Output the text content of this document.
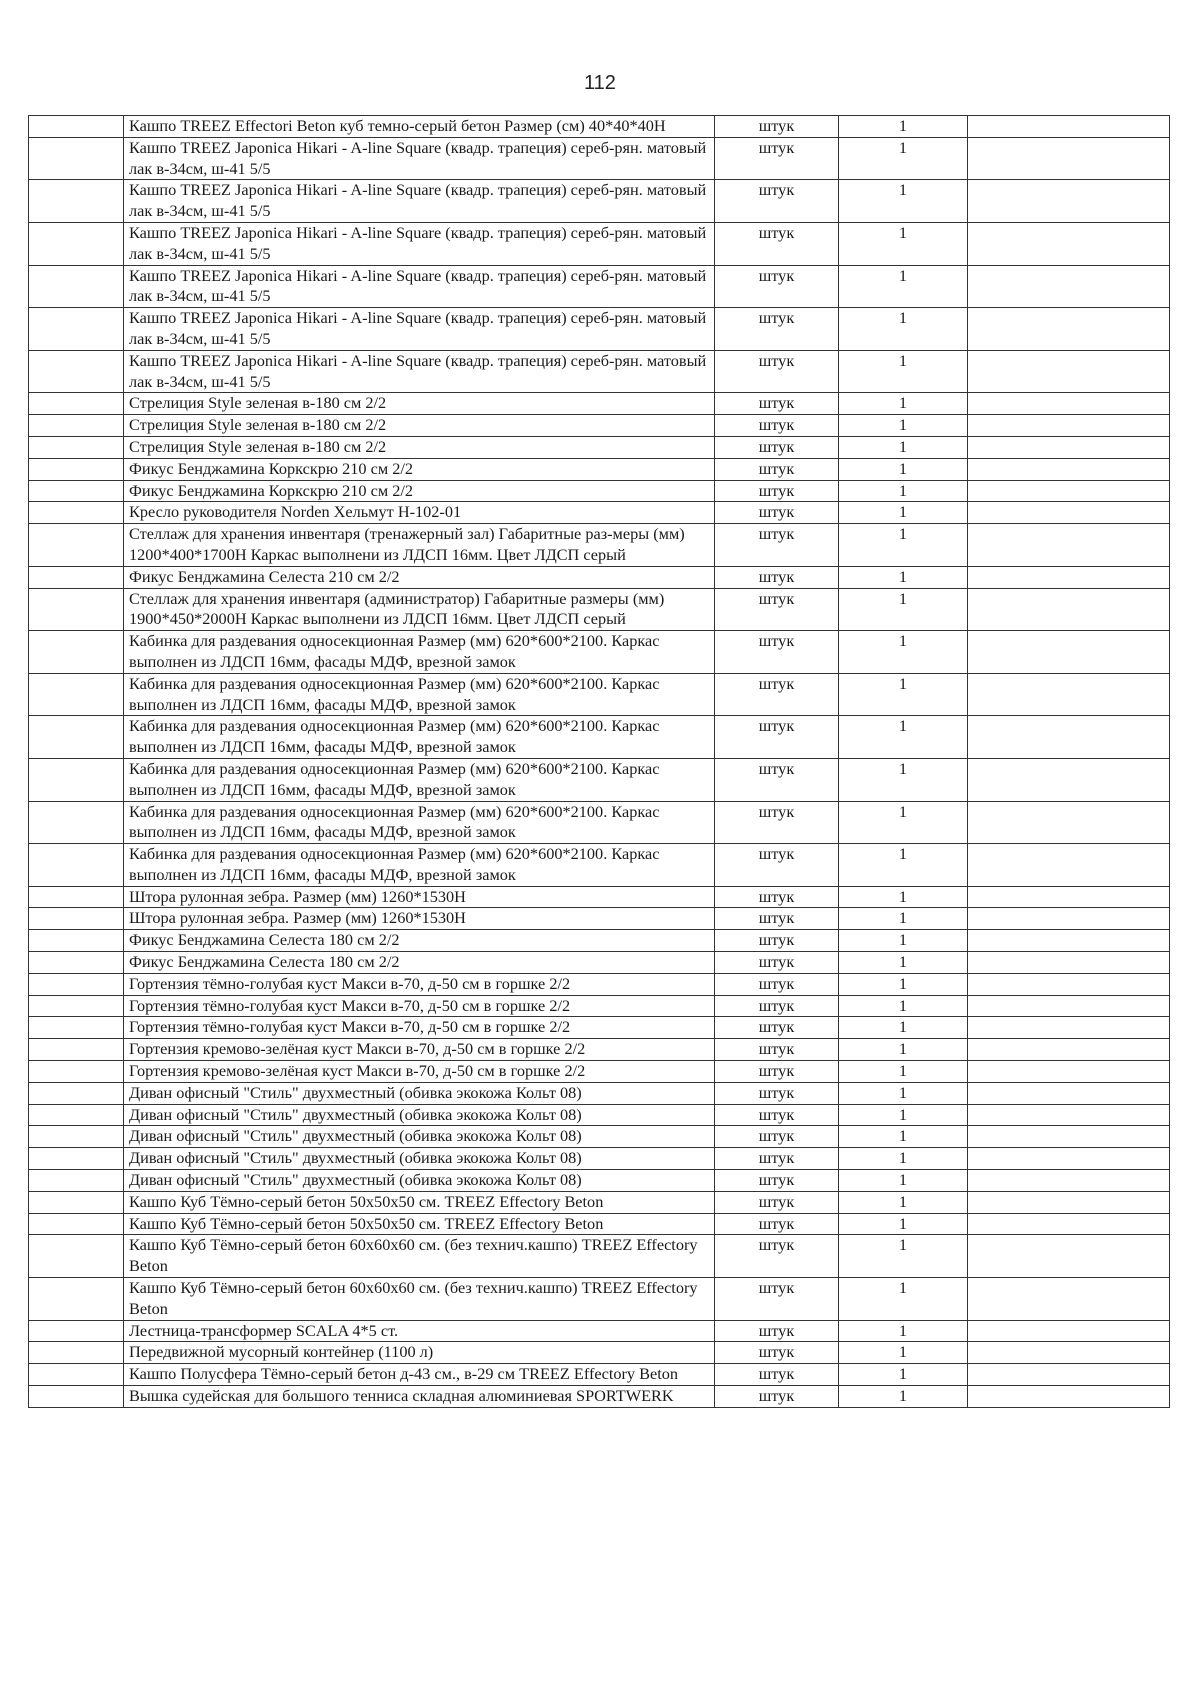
112
	Кашпо TREEZ Effectori Beton куб темно-серый бетон Размер (см) 40*40*40H	штук	1	
	Кашпо TREEZ Japonica Hikari - A-line Square (квадр. трапеция) сереб-рян. матовый лак в-34см, ш-41 5/5	штук	1	
	Кашпо TREEZ Japonica Hikari - A-line Square (квадр. трапеция) сереб-рян. матовый лак в-34см, ш-41 5/5	штук	1	
	Кашпо TREEZ Japonica Hikari - A-line Square (квадр. трапеция) сереб-рян. матовый лак в-34см, ш-41 5/5	штук	1	
	Кашпо TREEZ Japonica Hikari - A-line Square (квадр. трапеция) сереб-рян. матовый лак в-34см, ш-41 5/5	штук	1	
	Кашпо TREEZ Japonica Hikari - A-line Square (квадр. трапеция) сереб-рян. матовый лак в-34см, ш-41 5/5	штук	1	
	Кашпо TREEZ Japonica Hikari - A-line Square (квадр. трапеция) сереб-рян. матовый лак в-34см, ш-41 5/5	штук	1	
	Стрелиция Style зеленая в-180 см 2/2	штук	1	
	Стрелиция Style зеленая в-180 см 2/2	штук	1	
	Стрелиция Style зеленая в-180 см 2/2	штук	1	
	Фикус Бенджамина Коркскрю 210 см 2/2	штук	1	
	Фикус Бенджамина Коркскрю 210 см 2/2	штук	1	
	Кресло руководителя Norden Хельмут H-102-01	штук	1	
	Стеллаж для хранения инвентаря (тренажерный зал) Габаритные раз-меры (мм) 1200*400*1700H Каркас выполнени из ЛДСП 16мм. Цвет ЛДСП серый	штук	1	
	Фикус Бенджамина Селеста 210 см 2/2	штук	1	
	Стеллаж для хранения инвентаря (администратор) Габаритные размеры (мм) 1900*450*2000H Каркас выполнени из ЛДСП 16мм. Цвет ЛДСП серый	штук	1	
	Кабинка для раздевания односекционная Размер (мм) 620*600*2100. Каркас выполнен из ЛДСП 16мм, фасады МДФ, врезной замок	штук	1	
	Кабинка для раздевания односекционная Размер (мм) 620*600*2100. Каркас выполнен из ЛДСП 16мм, фасады МДФ, врезной замок	штук	1	
	Кабинка для раздевания односекционная Размер (мм) 620*600*2100. Каркас выполнен из ЛДСП 16мм, фасады МДФ, врезной замок	штук	1	
	Кабинка для раздевания односекционная Размер (мм) 620*600*2100. Каркас выполнен из ЛДСП 16мм, фасады МДФ, врезной замок	штук	1	
	Кабинка для раздевания односекционная Размер (мм) 620*600*2100. Каркас выполнен из ЛДСП 16мм, фасады МДФ, врезной замок	штук	1	
	Кабинка для раздевания односекционная Размер (мм) 620*600*2100. Каркас выполнен из ЛДСП 16мм, фасады МДФ, врезной замок	штук	1	
	Штора рулонная зебра. Размер (мм) 1260*1530H	штук	1	
	Штора рулонная зебра. Размер (мм) 1260*1530H	штук	1	
	Фикус Бенджамина Селеста 180 см 2/2	штук	1	
	Фикус Бенджамина Селеста 180 см 2/2	штук	1	
	Гортензия тёмно-голубая куст Макси в-70, д-50 см в горшке 2/2	штук	1	
	Гортензия тёмно-голубая куст Макси в-70, д-50 см в горшке 2/2	штук	1	
	Гортензия тёмно-голубая куст Макси в-70, д-50 см в горшке 2/2	штук	1	
	Гортензия кремово-зелёная куст Макси в-70, д-50 см в горшке 2/2	штук	1	
	Гортензия кремово-зелёная куст Макси в-70, д-50 см в горшке 2/2	штук	1	
	Диван офисный "Стиль" двухместный (обивка экокожа Кольт 08)	штук	1	
	Диван офисный "Стиль" двухместный (обивка экокожа Кольт 08)	штук	1	
	Диван офисный "Стиль" двухместный (обивка экокожа Кольт 08)	штук	1	
	Диван офисный "Стиль" двухместный (обивка экокожа Кольт 08)	штук	1	
	Диван офисный "Стиль" двухместный (обивка экокожа Кольт 08)	штук	1	
	Кашпо Куб Тёмно-серый бетон 50x50x50 см. TREEZ Effectory Beton	штук	1	
	Кашпо Куб Тёмно-серый бетон 50x50x50 см. TREEZ Effectory Beton	штук	1	
	Кашпо Куб Тёмно-серый бетон 60x60x60 см. (без технич.кашпо) TREEZ Effectory Beton	штук	1	
	Кашпо Куб Тёмно-серый бетон 60x60x60 см. (без технич.кашпо) TREEZ Effectory Beton	штук	1	
	Лестница-трансформер SCALA 4*5 ст.	штук	1	
	Передвижной мусорный контейнер (1100 л)	штук	1	
	Кашпо Полусфера Тёмно-серый бетон д-43 см., в-29 см TREEZ Effectory Beton	штук	1	
	Вышка судейская для большого тенниса складная алюминиевая SPORTWERK	штук	1	
